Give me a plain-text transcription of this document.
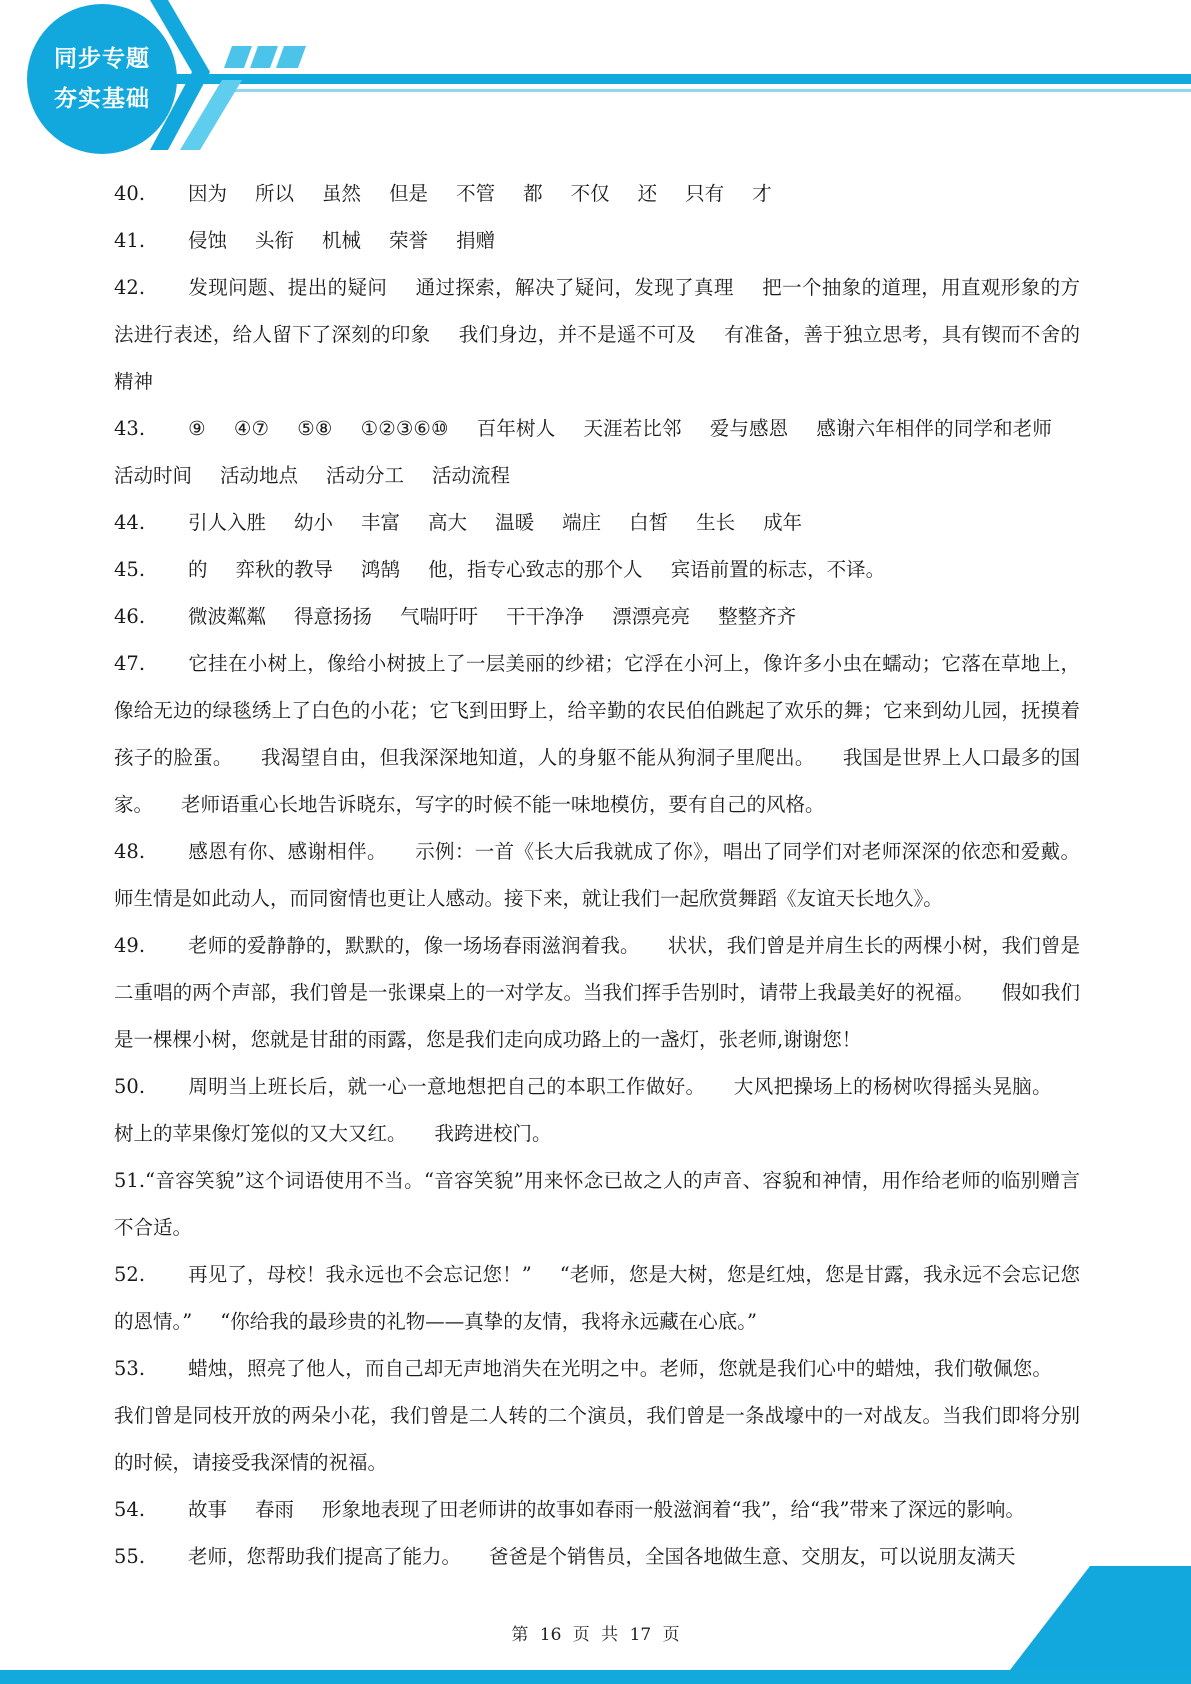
同步专题
夯实基础

40. 因为 所以 虽然 但是 不管 都 不仅 还 只有 才

41. 侵蚀 头衔 机械 荣誉 捐赠

42. 发现问题、提出的疑问 通过探索，解决了疑问，发现了真理 把一个抽象的道理，用直观形象的方法进行表述，给人留下了深刻的印象 我们身边，并不是遥不可及 有准备，善于独立思考，具有锲而不舍的精神

43. ⑨ ④⑦ ⑤⑧ ①②③⑥⑩ 百年树人 天涯若比邻 爱与感恩 感谢六年相伴的同学和老师活动时间 活动地点 活动分工 活动流程

44. 引人入胜 幼小 丰富 高大 温暖 端庄 白皙 生长 成年

45. 的 弈秋的教导 鸿鹄 他，指专心致志的那个人 宾语前置的标志，不译。

46. 微波粼粼 得意扬扬 气喘吁吁 干干净净 漂漂亮亮 整整齐齐

47. 它挂在小树上，像给小树披上了一层美丽的纱裙；它浮在小河上，像许多小虫在蠕动；它落在草地上，像给无边的绿毯绣上了白色的小花；它飞到田野上，给辛勤的农民伯伯跳起了欢乐的舞；它来到幼儿园，抚摸着孩子的脸蛋。 我渴望自由，但我深深地知道，人的身躯不能从狗洞子里爬出。 我国是世界上人口最多的国家。 老师语重心长地告诉晓东，写字的时候不能一味地模仿，要有自己的风格。

48. 感恩有你、感谢相伴。 示例：一首《长大后我就成了你》，唱出了同学们对老师深深的依恋和爱戴。师生情是如此动人，而同窗情也更让人感动。接下来，就让我们一起欣赏舞蹈《友谊天长地久》。

49. 老师的爱静静的，默默的，像一场场春雨滋润着我。 状状，我们曾是并肩生长的两棵小树，我们曾是二重唱的两个声部，我们曾是一张课桌上的一对学友。当我们挥手告别时，请带上我最美好的祝福。 假如我们是一棵棵小树，您就是甘甜的雨露，您是我们走向成功路上的一盏灯，张老师,谢谢您！

50. 周明当上班长后，就一心一意地想把自己的本职工作做好。 大风把操场上的杨树吹得摇头晃脑。树上的苹果像灯笼似的又大又红。 我跨进校门。

51.“音容笑貌”这个词语使用不当。“音容笑貌”用来怀念已故之人的声音、容貌和神情，用作给老师的临别赠言不合适。

52. 再见了，母校！我永远也不会忘记您！” “老师，您是大树，您是红烛，您是甘露，我永远不会忘记您的恩情。” “你给我的最珍贵的礼物——真挚的友情，我将永远藏在心底。”

53. 蜡烛，照亮了他人，而自己却无声地消失在光明之中。老师，您就是我们心中的蜡烛，我们敬佩您。我们曾是同枝开放的两朵小花，我们曾是二人转的二个演员，我们曾是一条战壕中的一对战友。当我们即将分别的时候，请接受我深情的祝福。

54. 故事 春雨 形象地表现了田老师讲的故事如春雨一般滋润着“我”，给“我”带来了深远的影响。

55. 老师，您帮助我们提高了能力。 爸爸是个销售员，全国各地做生意、交朋友，可以说朋友满天

第 16 页 共 17 页
